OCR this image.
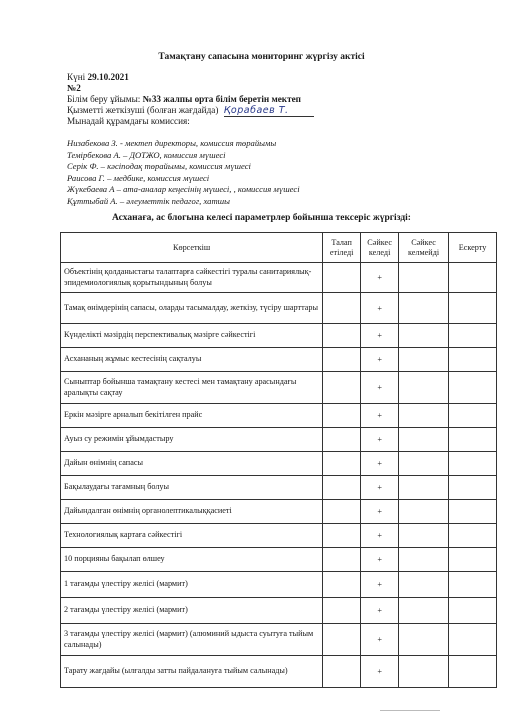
Тамақтану сапасына мониторинг жүргізу актісі
Күні 29.10.2021
№2
Білім беру ұйымы: №33 жалпы орта білім беретін мектеп
Қызметті жеткізуші (болған жағдайда) Қорабаев Т.
Мынадай құрамдағы комиссия:
Низабекова З. - мектеп директоры, комиссия төрайымы
Темірбекова А. – ДОТЖО, комиссия мүшесі
Серік Ф. – кәсіподақ төрайымы, комиссия мүшесі
Раисова Г. – медбике, комиссия мүшесі
Жүкебаева А – ата-аналар кеңесінің мүшесі, , комиссия мүшесі
Құттыбай А. – әлеуметтік педагог, хатшы
Асханаға, ас блогына келесі параметрлер бойынша тексеріс жүргізді:
Көрсеткіш	Талап етіледі	Сәйкес келеді	Сәйкес келмейді	Ескерту
Объектінің қолданыстағы талаптарға сәйкестігі туралы санитариялық-эпидемиологиялық қорытындының болуы		+		
Тамақ өнімдерінің сапасы, оларды тасымалдау, жеткізу, түсіру шарттары		+		
Күнделікті мәзірдің перспективалық мәзірге сәйкестігі		+		
Асхананың жұмыс кестесінің сақталуы		+		
Сыныптар бойынша тамақтану кестесі мен тамақтану арасындағы аралықты сақтау		+		
Еркін мәзірге арналып бекітілген прайс		+		
Ауыз су режимін ұйымдастыру		+		
Дайын өнімнің сапасы		+		
Бақылаудағы тағамның болуы		+		
Дайындалған өнімнің органолептикалыққасиеті		+		
Технологиялық картаға сәйкестігі		+		
10 порцияны бақылап өлшеу		+		
1 тағамды үлестіру желісі (мармит)		+		
2 тағамды үлестіру желісі (мармит)		+		
3 тағамды үлестіру желісі (мармит) (алюминий ыдыста суытуға тыйым салынады)		+		
Тарату жағдайы (ылғалды затты пайдалануға тыйым салынады)		+		
